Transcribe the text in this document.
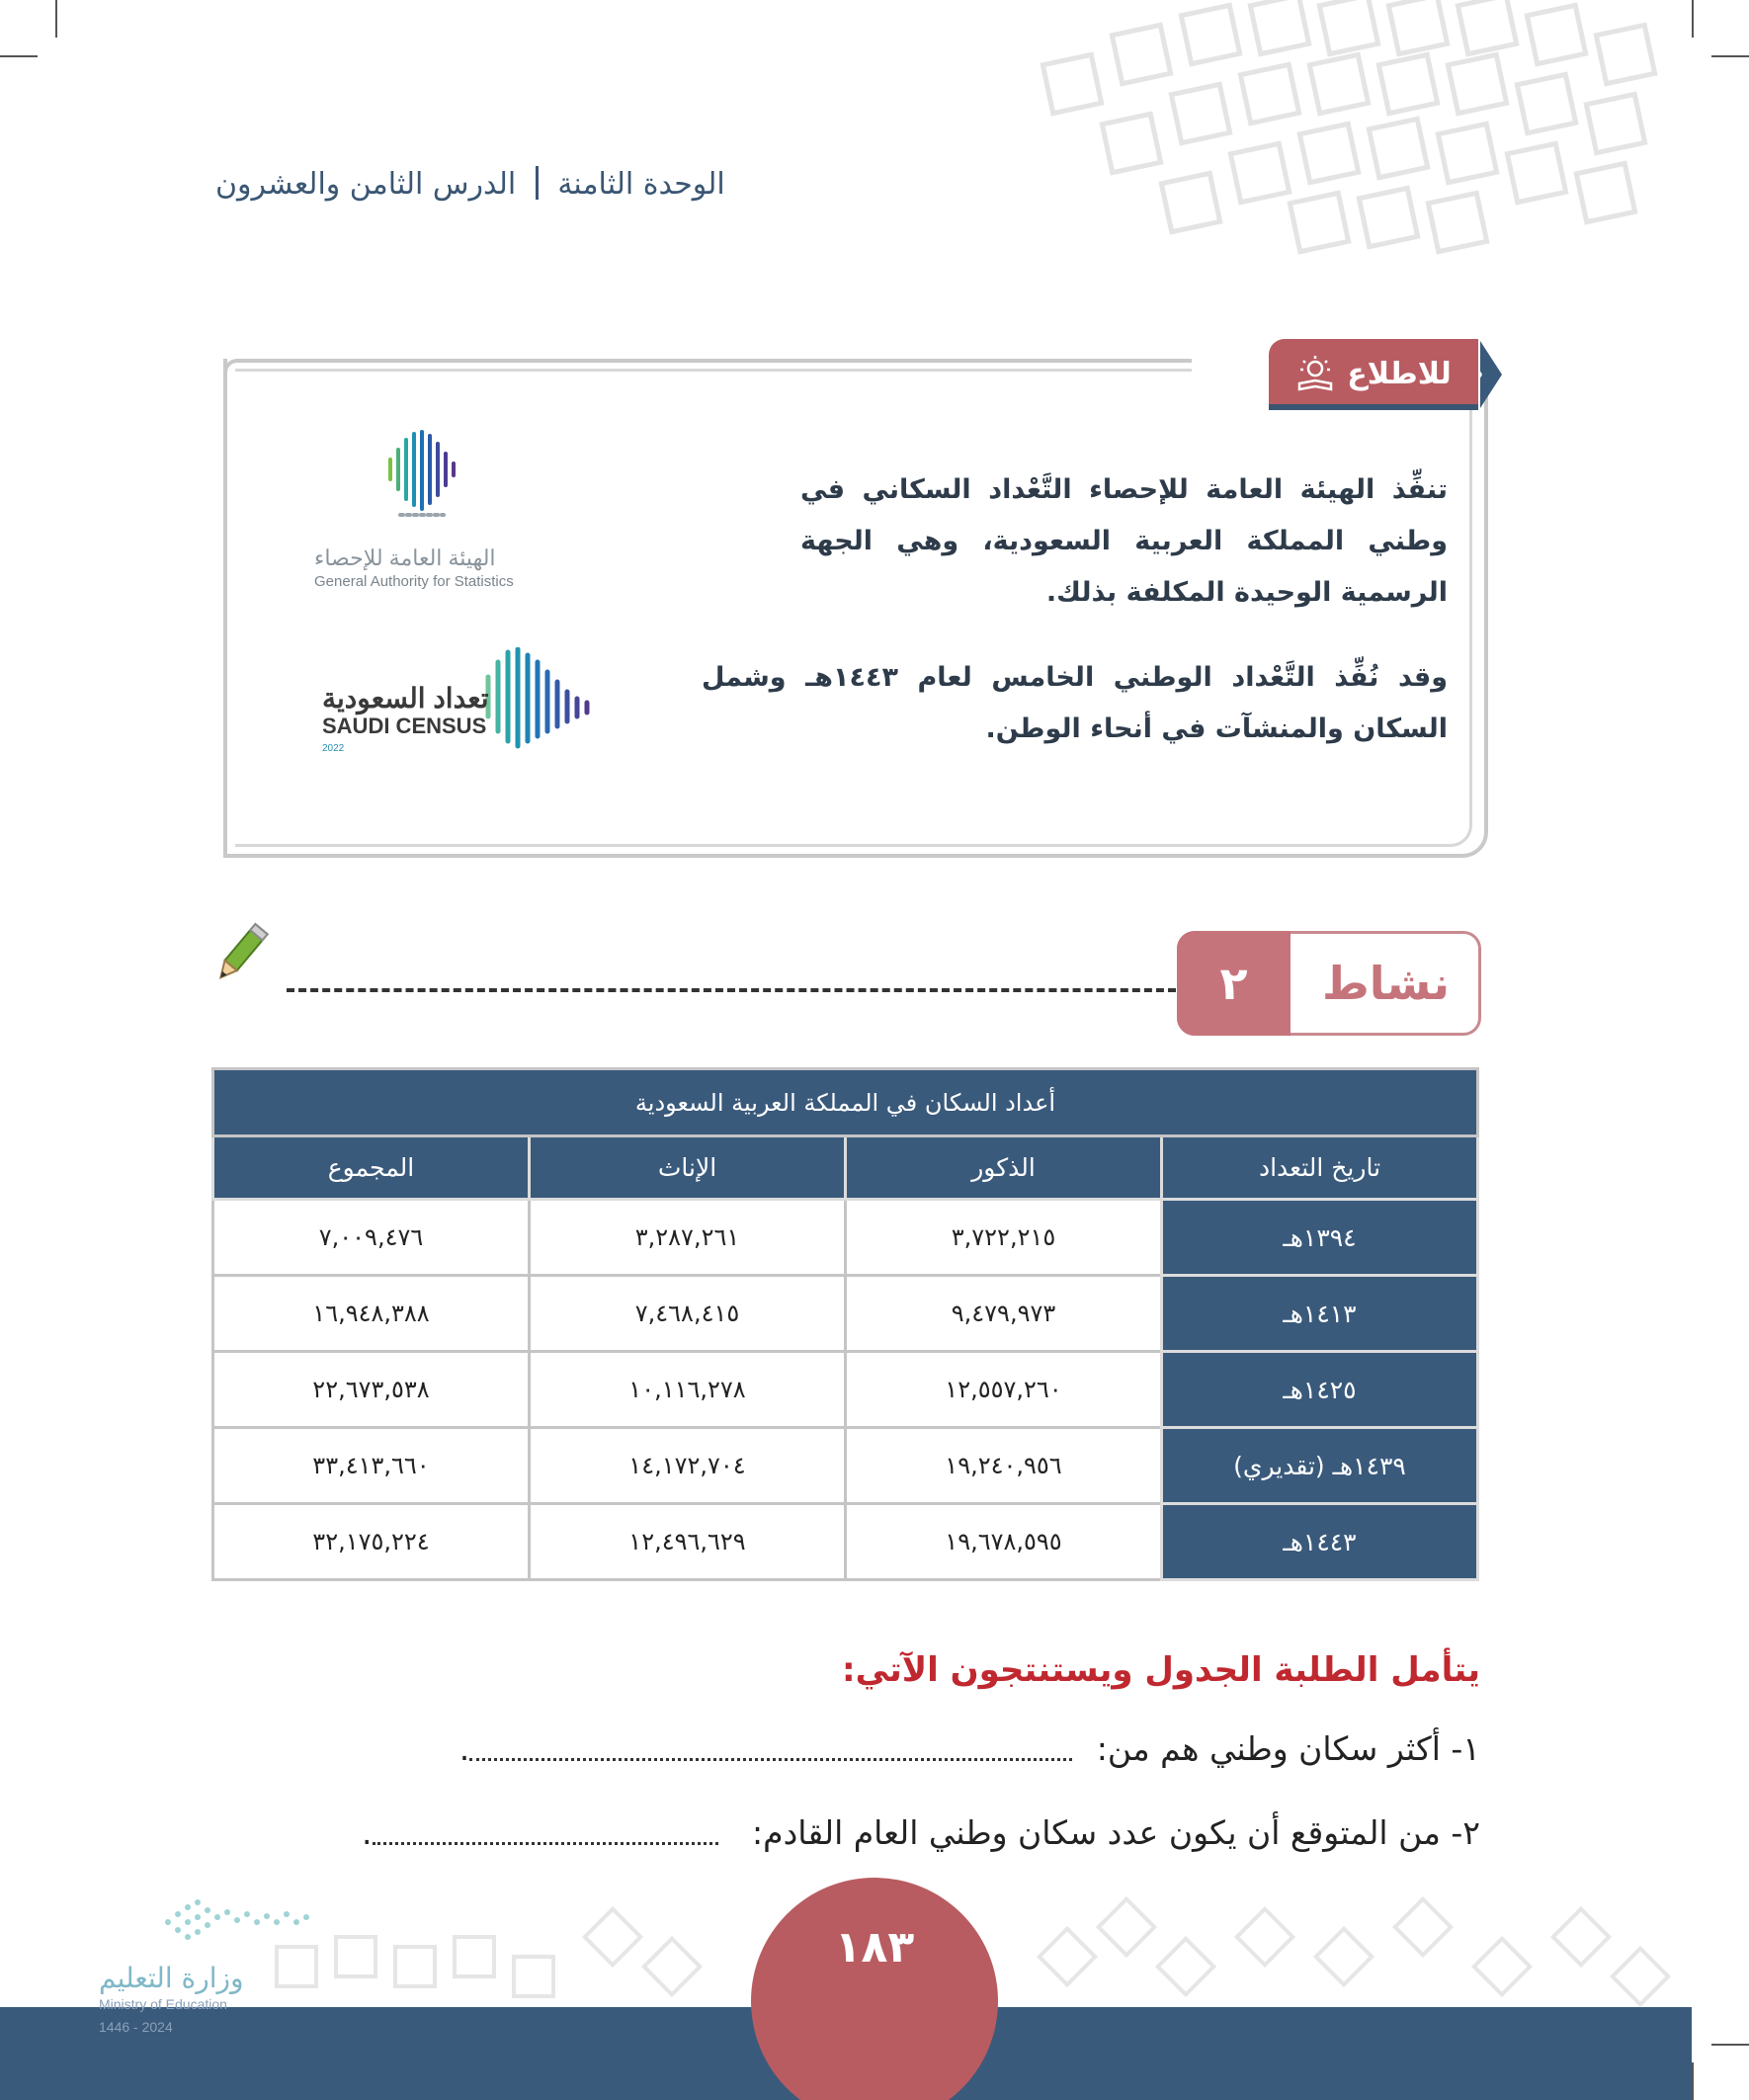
الوحدة الثامنة  الدرس الثامن والعشرون
للاطلاع
تنفِّذ الهيئة العامة للإحصاء التَّعْداد السكاني في وطني المملكة العربية السعودية، وهي الجهة الرسمية الوحيدة المكلفة بذلك.
وقد نُفِّذ التَّعْداد الوطني الخامس لعام ١٤٤٣هـ وشمل السكان والمنشآت في أنحاء الوطن.
الهيئة العامة للإحصاء
General Authority for Statistics
تعداد السعودية
SAUDI CENSUS
2022
٢	نشاط
أعداد السكان في المملكة العربية السعودية			
تاريخ التعداد	الذكور	الإناث	المجموع
١٣٩٤هـ	٣,٧٢٢,٢١٥	٣,٢٨٧,٢٦١	٧,٠٠٩,٤٧٦
١٤١٣هـ	٩,٤٧٩,٩٧٣	٧,٤٦٨,٤١٥	١٦,٩٤٨,٣٨٨
١٤٢٥هـ	١٢,٥٥٧,٢٦٠	١٠,١١٦,٢٧٨	٢٢,٦٧٣,٥٣٨
١٤٣٩هـ (تقديري)	١٩,٢٤٠,٩٥٦	١٤,١٧٢,٧٠٤	٣٣,٤١٣,٦٦٠
١٤٤٣هـ	١٩,٦٧٨,٥٩٥	١٢,٤٩٦,٦٢٩	٣٢,١٧٥,٢٢٤
يتأمل الطلبة الجدول ويستنتجون الآتي:
١- أكثر سكان وطني هم من: .
٢- من المتوقع أن يكون عدد سكان وطني العام القادم: .
١٨٣
وزارة التعليم
Ministry of Education
2024 - 1446
